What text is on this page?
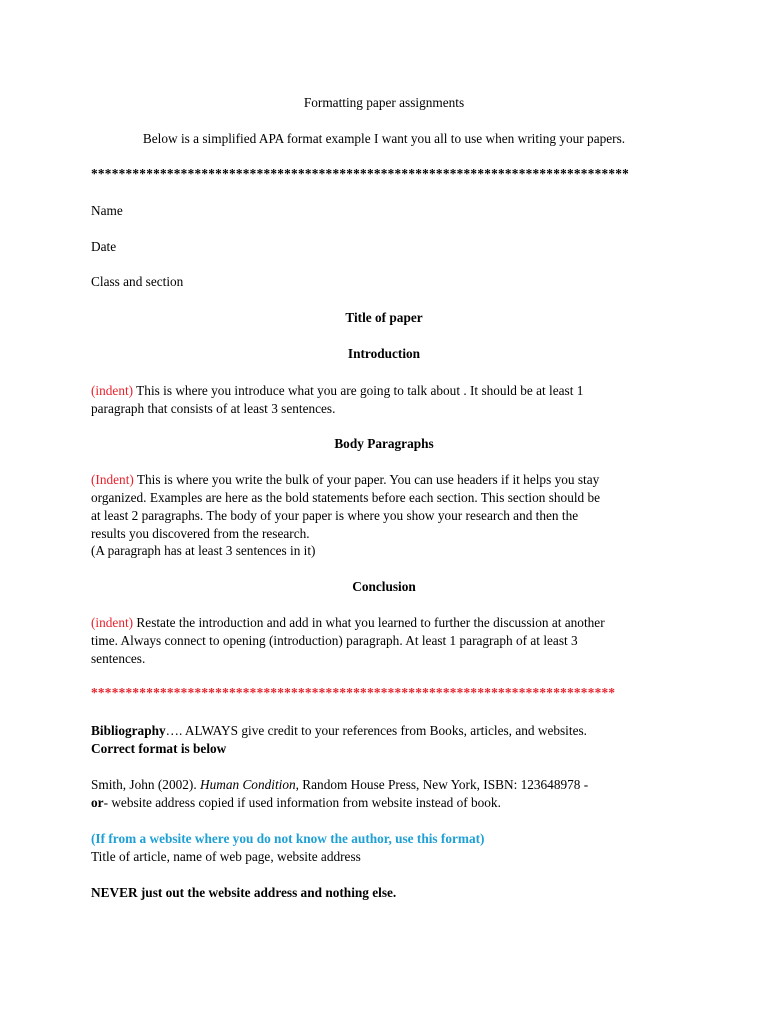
Formatting paper assignments

Below is a simplified APA format example I want you all to use when writing your papers.

******************************************************************************

Name

Date

Class and section

Title of paper

Introduction

(indent) This is where you introduce what you are going to talk about . It should be at least 1

paragraph that consists of at least 3 sentences.

Body Paragraphs

(Indent) This is where you write the bulk of your paper. You can use headers if it helps you stay

organized. Examples are here as the bold statements before each section. This section should be

at least 2 paragraphs. The body of your paper is where you show your research and then the

results you discovered from the research.

(A paragraph has at least 3 sentences in it)

Conclusion

(indent) Restate the introduction and add in what you learned to further the discussion at another

time. Always connect to opening (introduction) paragraph. At least 1 paragraph of at least 3

sentences.

****************************************************************************

Bibliography…. ALWAYS give credit to your references from Books, articles, and websites.

Correct format is below

Smith, John (2002). Human Condition, Random House Press, New York, ISBN: 123648978 -

or- website address copied if used information from website instead of book.

(If from a website where you do not know the author, use this format)

Title of article, name of web page, website address

NEVER just out the website address and nothing else.
